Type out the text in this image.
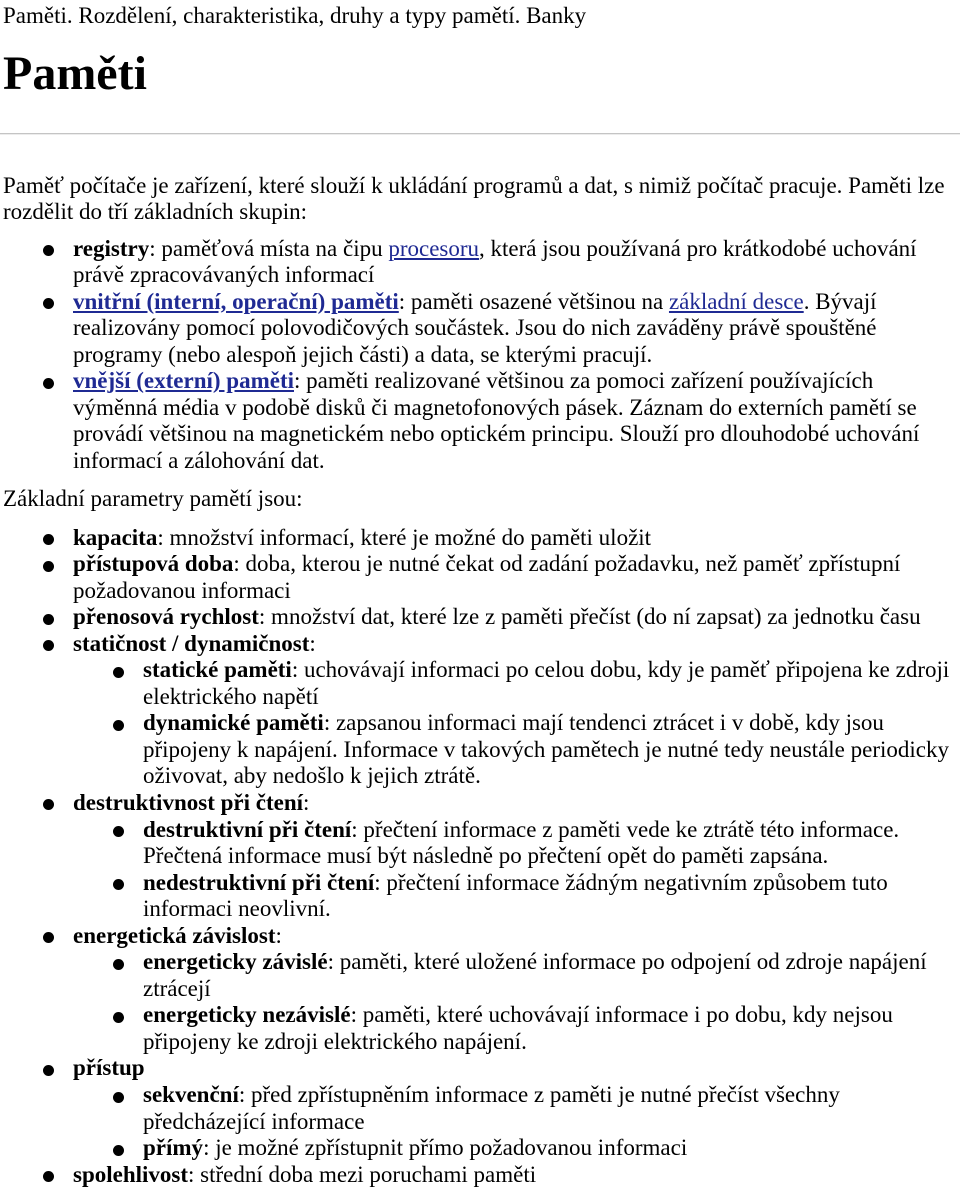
Paměti. Rozdělení, charakteristika, druhy a typy pamětí. Banky
Paměti

Paměť počítače je zařízení, které slouží k ukládání programů a dat, s nimiž počítač pracuje. Paměti lze rozdělit do tří základních skupin:

registry: paměťová místa na čipu procesoru, která jsou používaná pro krátkodobé uchování právě zpracovávaných informací
vnitřní (interní, operační) paměti: paměti osazené většinou na základní desce. Bývají realizovány pomocí polovodičových součástek. Jsou do nich zaváděny právě spouštěné programy (nebo alespoň jejich části) a data, se kterými pracují.
vnější (externí) paměti: paměti realizované většinou za pomoci zařízení používajících výměnná média v podobě disků či magnetofonových pásek. Záznam do externích pamětí se provádí většinou na magnetickém nebo optickém principu. Slouží pro dlouhodobé uchování informací a zálohování dat.

Základní parametry pamětí jsou:

kapacita: množství informací, které je možné do paměti uložit
přístupová doba: doba, kterou je nutné čekat od zadání požadavku, než paměť zpřístupní požadovanou informaci
přenosová rychlost: množství dat, které lze z paměti přečíst (do ní zapsat) za jednotku času
statičnost / dynamičnost:
statické paměti: uchovávají informaci po celou dobu, kdy je paměť připojena ke zdroji elektrického napětí
dynamické paměti: zapsanou informaci mají tendenci ztrácet i v době, kdy jsou připojeny k napájení. Informace v takových pamětech je nutné tedy neustále periodicky oživovat, aby nedošlo k jejich ztrátě.
destruktivnost při čtení:
destruktivní při čtení: přečtení informace z paměti vede ke ztrátě této informace. Přečtená informace musí být následně po přečtení opět do paměti zapsána.
nedestruktivní při čtení: přečtení informace žádným negativním způsobem tuto informaci neovlivní.
energetická závislost:
energeticky závislé: paměti, které uložené informace po odpojení od zdroje napájení ztrácejí
energeticky nezávislé: paměti, které uchovávají informace i po dobu, kdy nejsou připojeny ke zdroji elektrického napájení.
přístup
sekvenční: před zpřístupněním informace z paměti je nutné přečíst všechny předcházející informace
přímý: je možné zpřístupnit přímo požadovanou informaci
spolehlivost: střední doba mezi poruchami paměti
